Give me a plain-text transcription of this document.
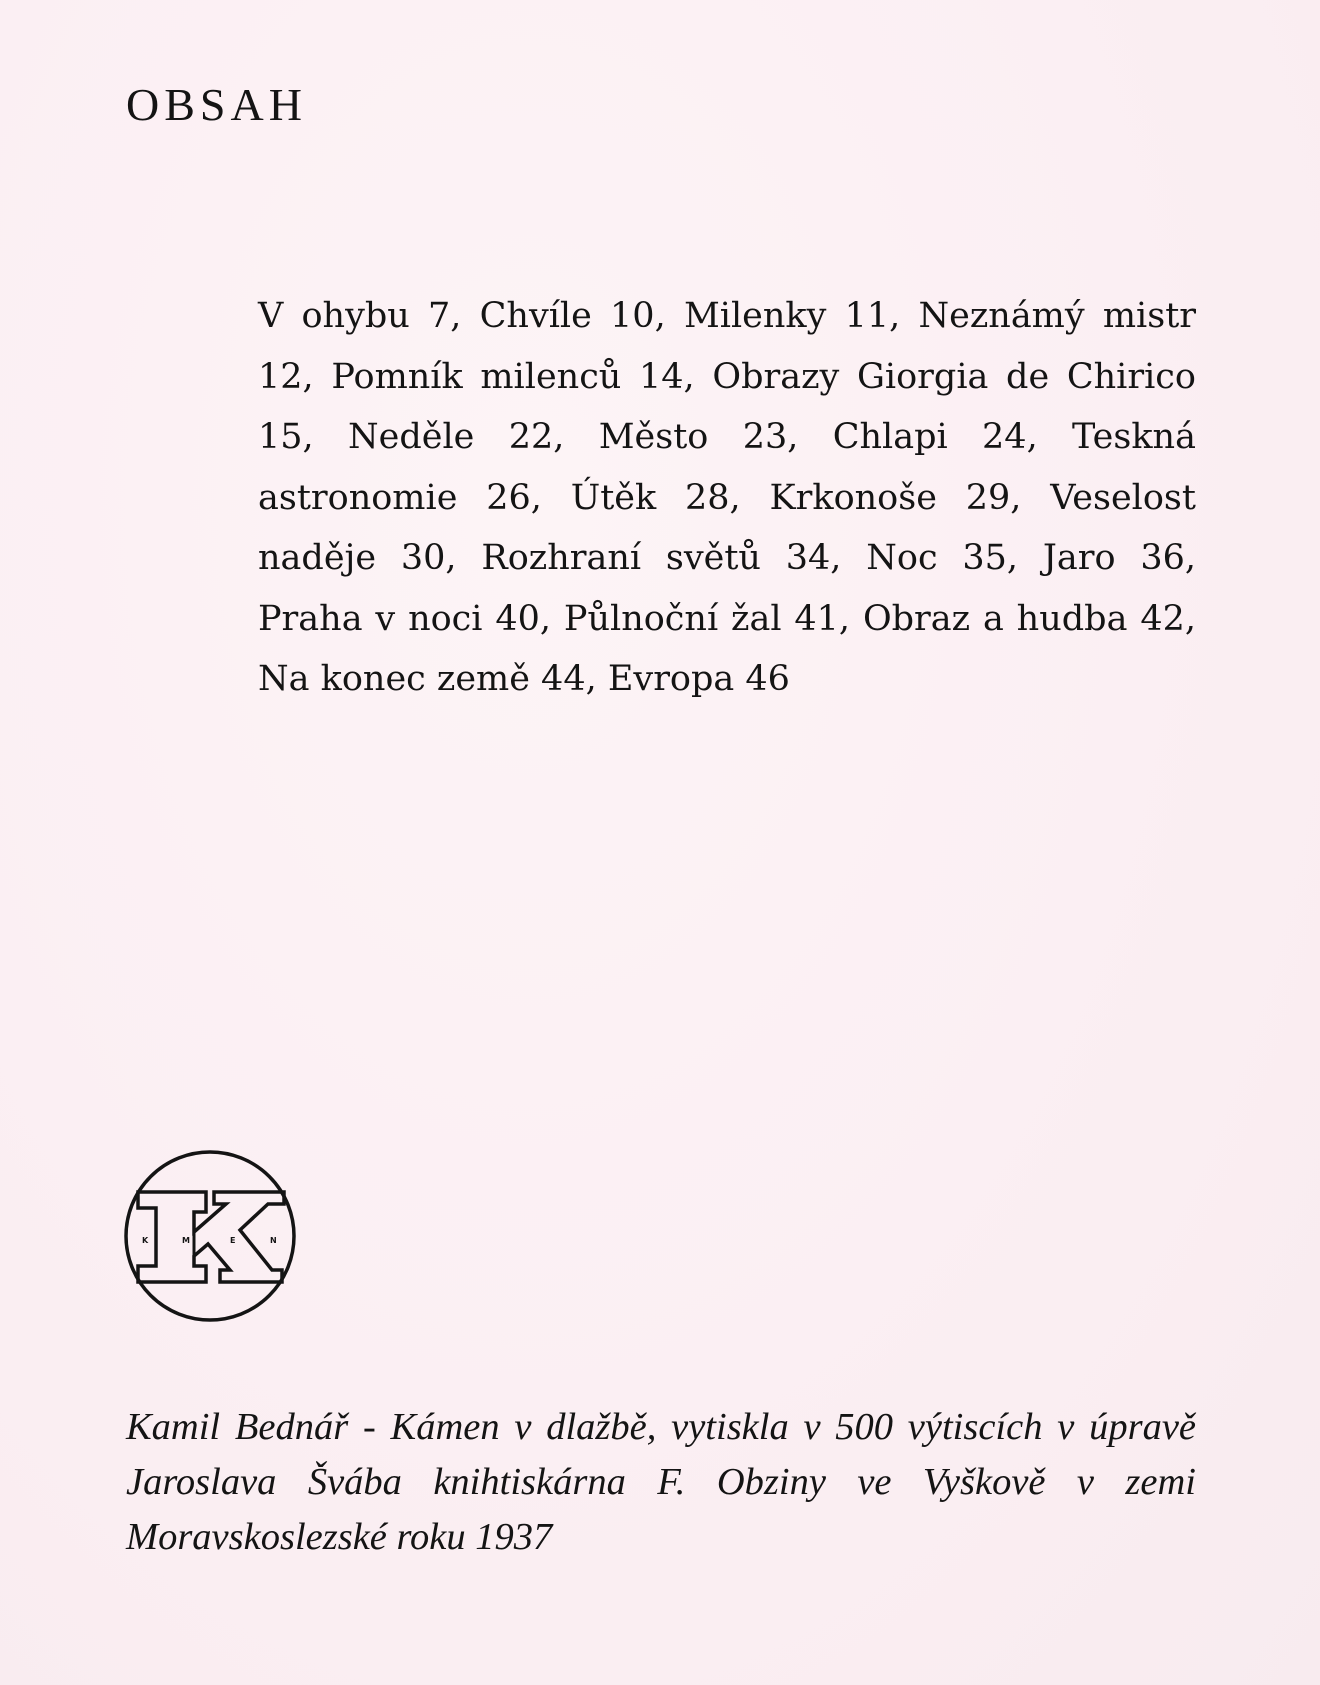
OBSAH

V ohybu 7, Chvíle 10, Milenky 11, Neznámý mistr 12, Pomník milenců 14, Obrazy Giorgia de Chirico 15, Neděle 22, Město 23, Chlapi 24, Teskná astronomie 26, Útěk 28, Krkonoše 29, Veselost naděje 30, Rozhraní světů 34, Noc 35, Jaro 36, Praha v noci 40, Půlnoční žal 41, Obraz a hudba 42, Na konec země 44, Evropa 46

K	M	E	N

Kamil Bednář - Kámen v dlažbě, vytiskla v 500 výtiscích v úpravě Jaroslava Švába knihtiskárna F. Obziny ve Vyškově v zemi Moravskoslezské roku 1937
